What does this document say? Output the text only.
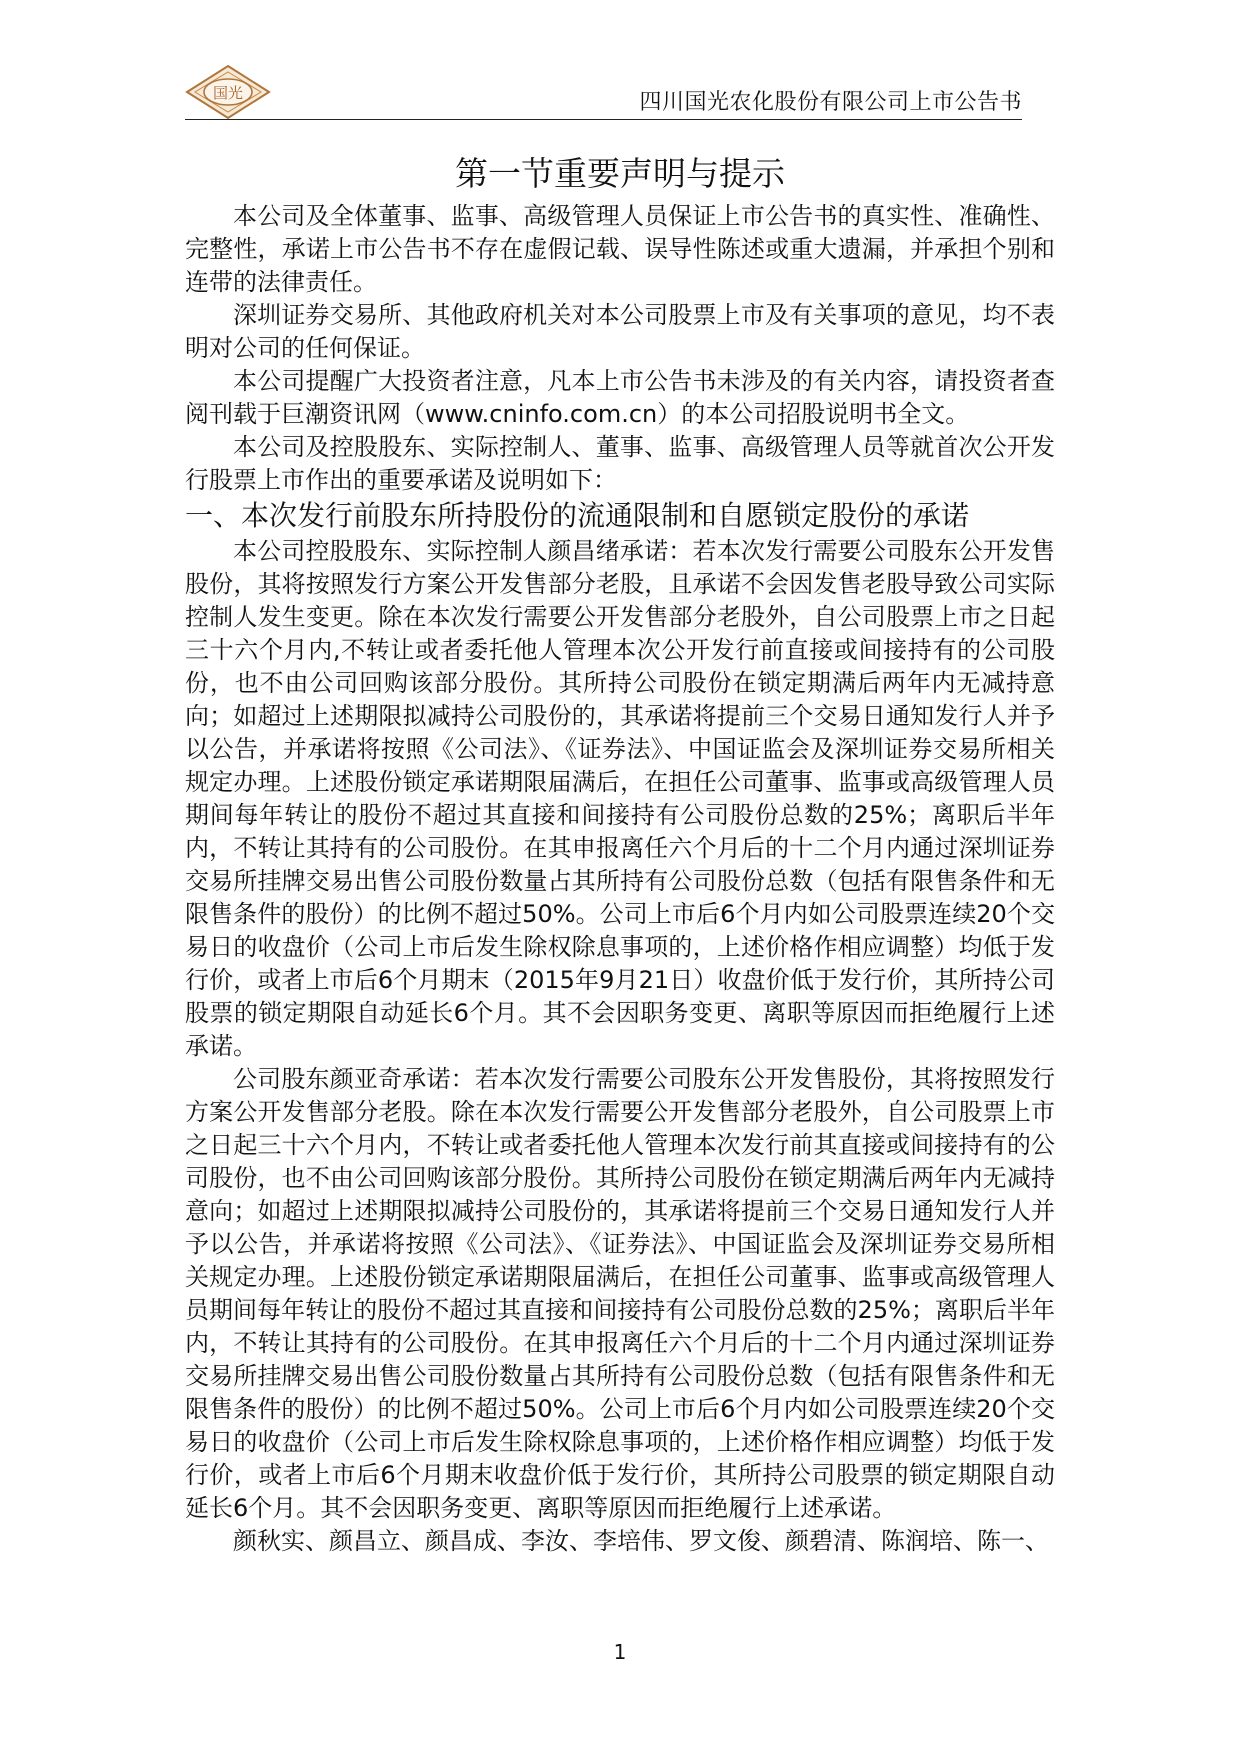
国光	四川国光农化股份有限公司上市公告书
第一节重要声明与提示

本公司及全体董事、监事、高级管理人员保证上市公告书的真实性、准确性、完整性，承诺上市公告书不存在虚假记载、误导性陈述或重大遗漏，并承担个别和连带的法律责任。

深圳证券交易所、其他政府机关对本公司股票上市及有关事项的意见，均不表明对公司的任何保证。

本公司提醒广大投资者注意，凡本上市公告书未涉及的有关内容，请投资者查阅刊载于巨潮资讯网（www.cninfo.com.cn）的本公司招股说明书全文。

本公司及控股股东、实际控制人、董事、监事、高级管理人员等就首次公开发行股票上市作出的重要承诺及说明如下：

一、本次发行前股东所持股份的流通限制和自愿锁定股份的承诺

本公司控股股东、实际控制人颜昌绪承诺：若本次发行需要公司股东公开发售股份，其将按照发行方案公开发售部分老股，且承诺不会因发售老股导致公司实际控制人发生变更。除在本次发行需要公开发售部分老股外，自公司股票上市之日起三十六个月内,不转让或者委托他人管理本次公开发行前直接或间接持有的公司股份，也不由公司回购该部分股份。其所持公司股份在锁定期满后两年内无减持意向；如超过上述期限拟减持公司股份的，其承诺将提前三个交易日通知发行人并予以公告，并承诺将按照《公司法》、《证券法》、中国证监会及深圳证券交易所相关规定办理。上述股份锁定承诺期限届满后，在担任公司董事、监事或高级管理人员期间每年转让的股份不超过其直接和间接持有公司股份总数的25%；离职后半年内，不转让其持有的公司股份。在其申报离任六个月后的十二个月内通过深圳证券交易所挂牌交易出售公司股份数量占其所持有公司股份总数（包括有限售条件和无限售条件的股份）的比例不超过50%。公司上市后6个月内如公司股票连续20个交易日的收盘价（公司上市后发生除权除息事项的，上述价格作相应调整）均低于发行价，或者上市后6个月期末（2015年9月21日）收盘价低于发行价，其所持公司股票的锁定期限自动延长6个月。其不会因职务变更、离职等原因而拒绝履行上述承诺。

公司股东颜亚奇承诺：若本次发行需要公司股东公开发售股份，其将按照发行方案公开发售部分老股。除在本次发行需要公开发售部分老股外，自公司股票上市之日起三十六个月内，不转让或者委托他人管理本次发行前其直接或间接持有的公司股份，也不由公司回购该部分股份。其所持公司股份在锁定期满后两年内无减持意向；如超过上述期限拟减持公司股份的，其承诺将提前三个交易日通知发行人并予以公告，并承诺将按照《公司法》、《证券法》、中国证监会及深圳证券交易所相关规定办理。上述股份锁定承诺期限届满后，在担任公司董事、监事或高级管理人员期间每年转让的股份不超过其直接和间接持有公司股份总数的25%；离职后半年内，不转让其持有的公司股份。在其申报离任六个月后的十二个月内通过深圳证券交易所挂牌交易出售公司股份数量占其所持有公司股份总数（包括有限售条件和无限售条件的股份）的比例不超过50%。公司上市后6个月内如公司股票连续20个交易日的收盘价（公司上市后发生除权除息事项的，上述价格作相应调整）均低于发行价，或者上市后6个月期末收盘价低于发行价，其所持公司股票的锁定期限自动延长6个月。其不会因职务变更、离职等原因而拒绝履行上述承诺。

颜秋实、颜昌立、颜昌成、李汝、李培伟、罗文俊、颜碧清、陈润培、陈一、

1
